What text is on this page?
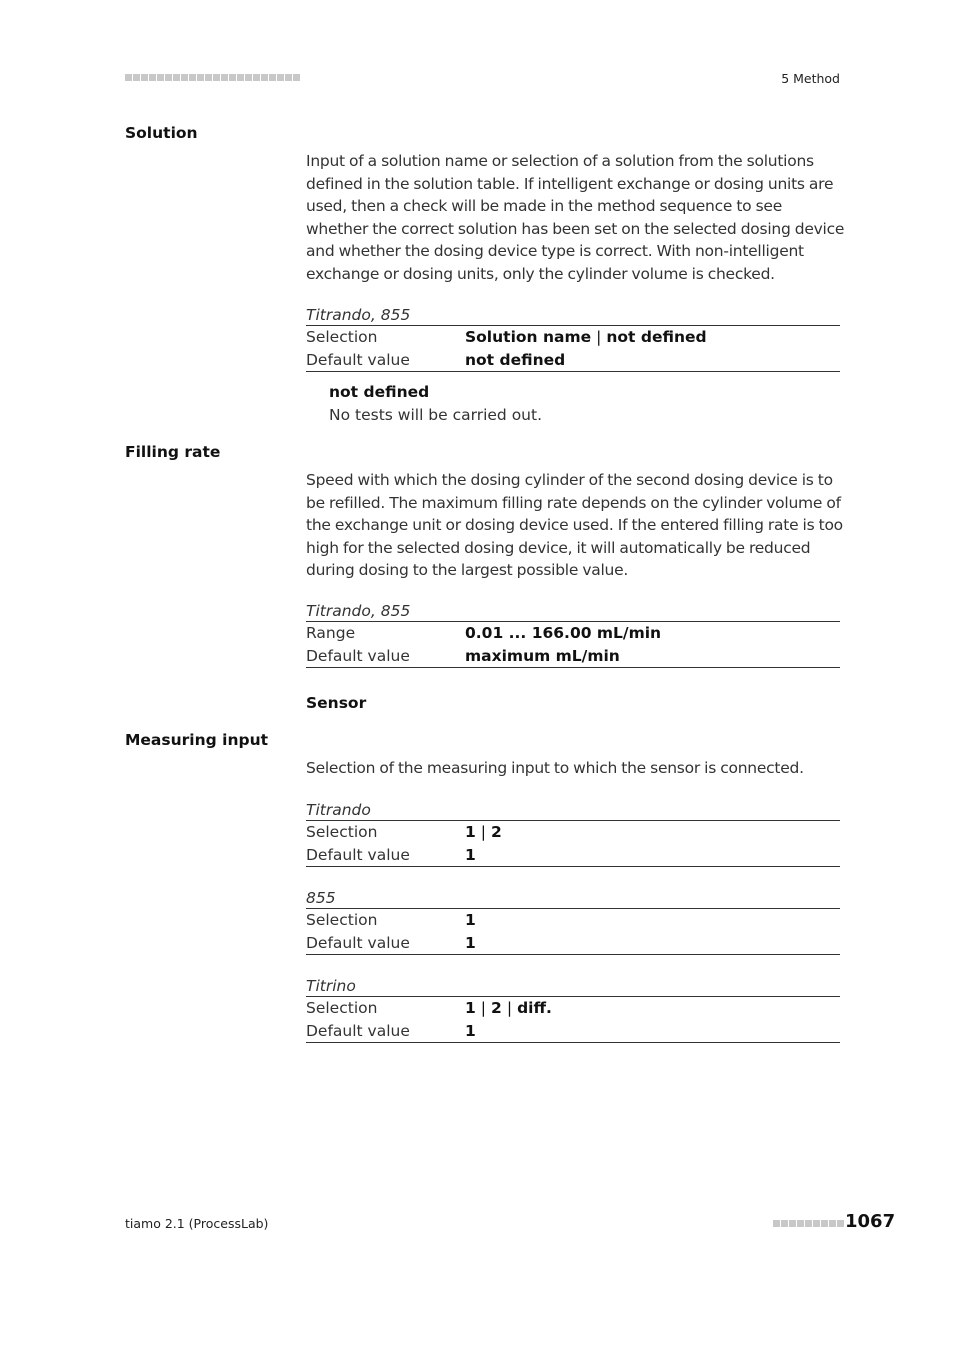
5 Method
Solution

Input of a solution name or selection of a solution from the solutions defined in the solution table. If intelligent exchange or dosing units are used, then a check will be made in the method sequence to see whether the correct solution has been set on the selected dosing device and whether the dosing device type is correct. With non-intelligent exchange or dosing units, only the cylinder volume is checked.

Titrando, 855
Selection	Solution name | not defined
Default value	not defined
not defined
No tests will be carried out.
Filling rate

Speed with which the dosing cylinder of the second dosing device is to be refilled. The maximum filling rate depends on the cylinder volume of the exchange unit or dosing device used. If the entered filling rate is too high for the selected dosing device, it will automatically be reduced during dosing to the largest possible value.

Titrando, 855
Range	0.01 ... 166.00 mL/min
Default value	maximum mL/min
Sensor
Measuring input

Selection of the measuring input to which the sensor is connected.

Titrando
Selection	1 | 2
Default value	1
855
Selection	1
Default value	1
Titrino
Selection	1 | 2 | diff.
Default value	1
tiamo 2.1 (ProcessLab)	1067
